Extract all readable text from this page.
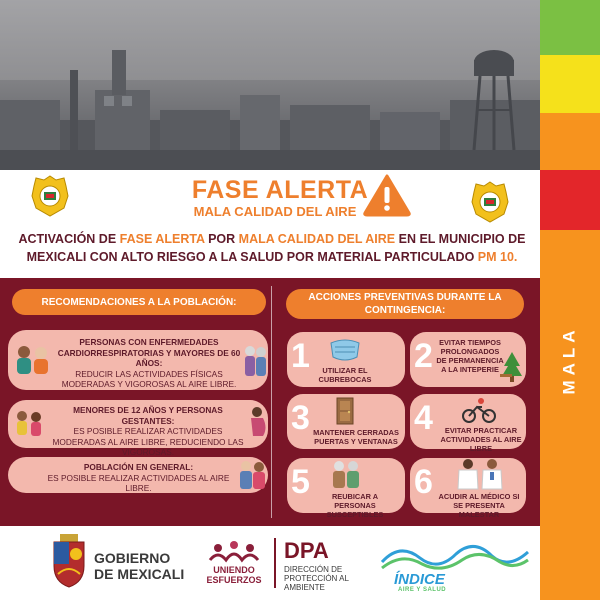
MALA
FASE ALERTA
MALA CALIDAD DEL AIRE
ACTIVACIÓN DE FASE ALERTA POR MALA CALIDAD DEL AIRE EN EL MUNICIPIO DE MEXICALI CON ALTO RIESGO A LA SALUD POR MATERIAL PARTICULADO PM 10.
RECOMENDACIONES A LA POBLACIÓN:
PERSONAS CON ENFERMEDADES CARDIORRESPIRATORIAS Y MAYORES DE 60 AÑOS:
REDUCIR LAS ACTIVIDADES FÍSICAS MODERADAS Y VIGOROSAS AL AIRE LIBRE.
MENORES DE 12 AÑOS Y PERSONAS GESTANTES:
ES POSIBLE REALIZAR ACTIVIDADES MODERADAS AL AIRE LIBRE, REDUCIENDO LAS VIGOROSAS.
POBLACIÓN EN GENERAL:
ES POSIBLE REALIZAR ACTIVIDADES AL AIRE LIBRE.
ACCIONES PREVENTIVAS DURANTE LA CONTINGENCIA:
1	UTILIZAR EL CUBREBOCAS
2 EVITAR TIEMPOS PROLONGADOS DE PERMANENCIA A LA INTEPERIE
3 MANTENER CERRADAS PUERTAS Y VENTANAS
4	EVITAR PRACTICAR ACTIVIDADES AL AIRE LIBRE
5	REUBICAR A PERSONAS SUSCEPTIBLES
6 ACUDIR AL MÉDICO SI SE PRESENTA MALESTAR
GOBIERNO
DE MEXICALI	UNIENDO
ESFUERZOS
DPA
DIRECCIÓN DE
PROTECCIÓN AL
AMBIENTE	ÍNDICE
AIRE Y SALUD
